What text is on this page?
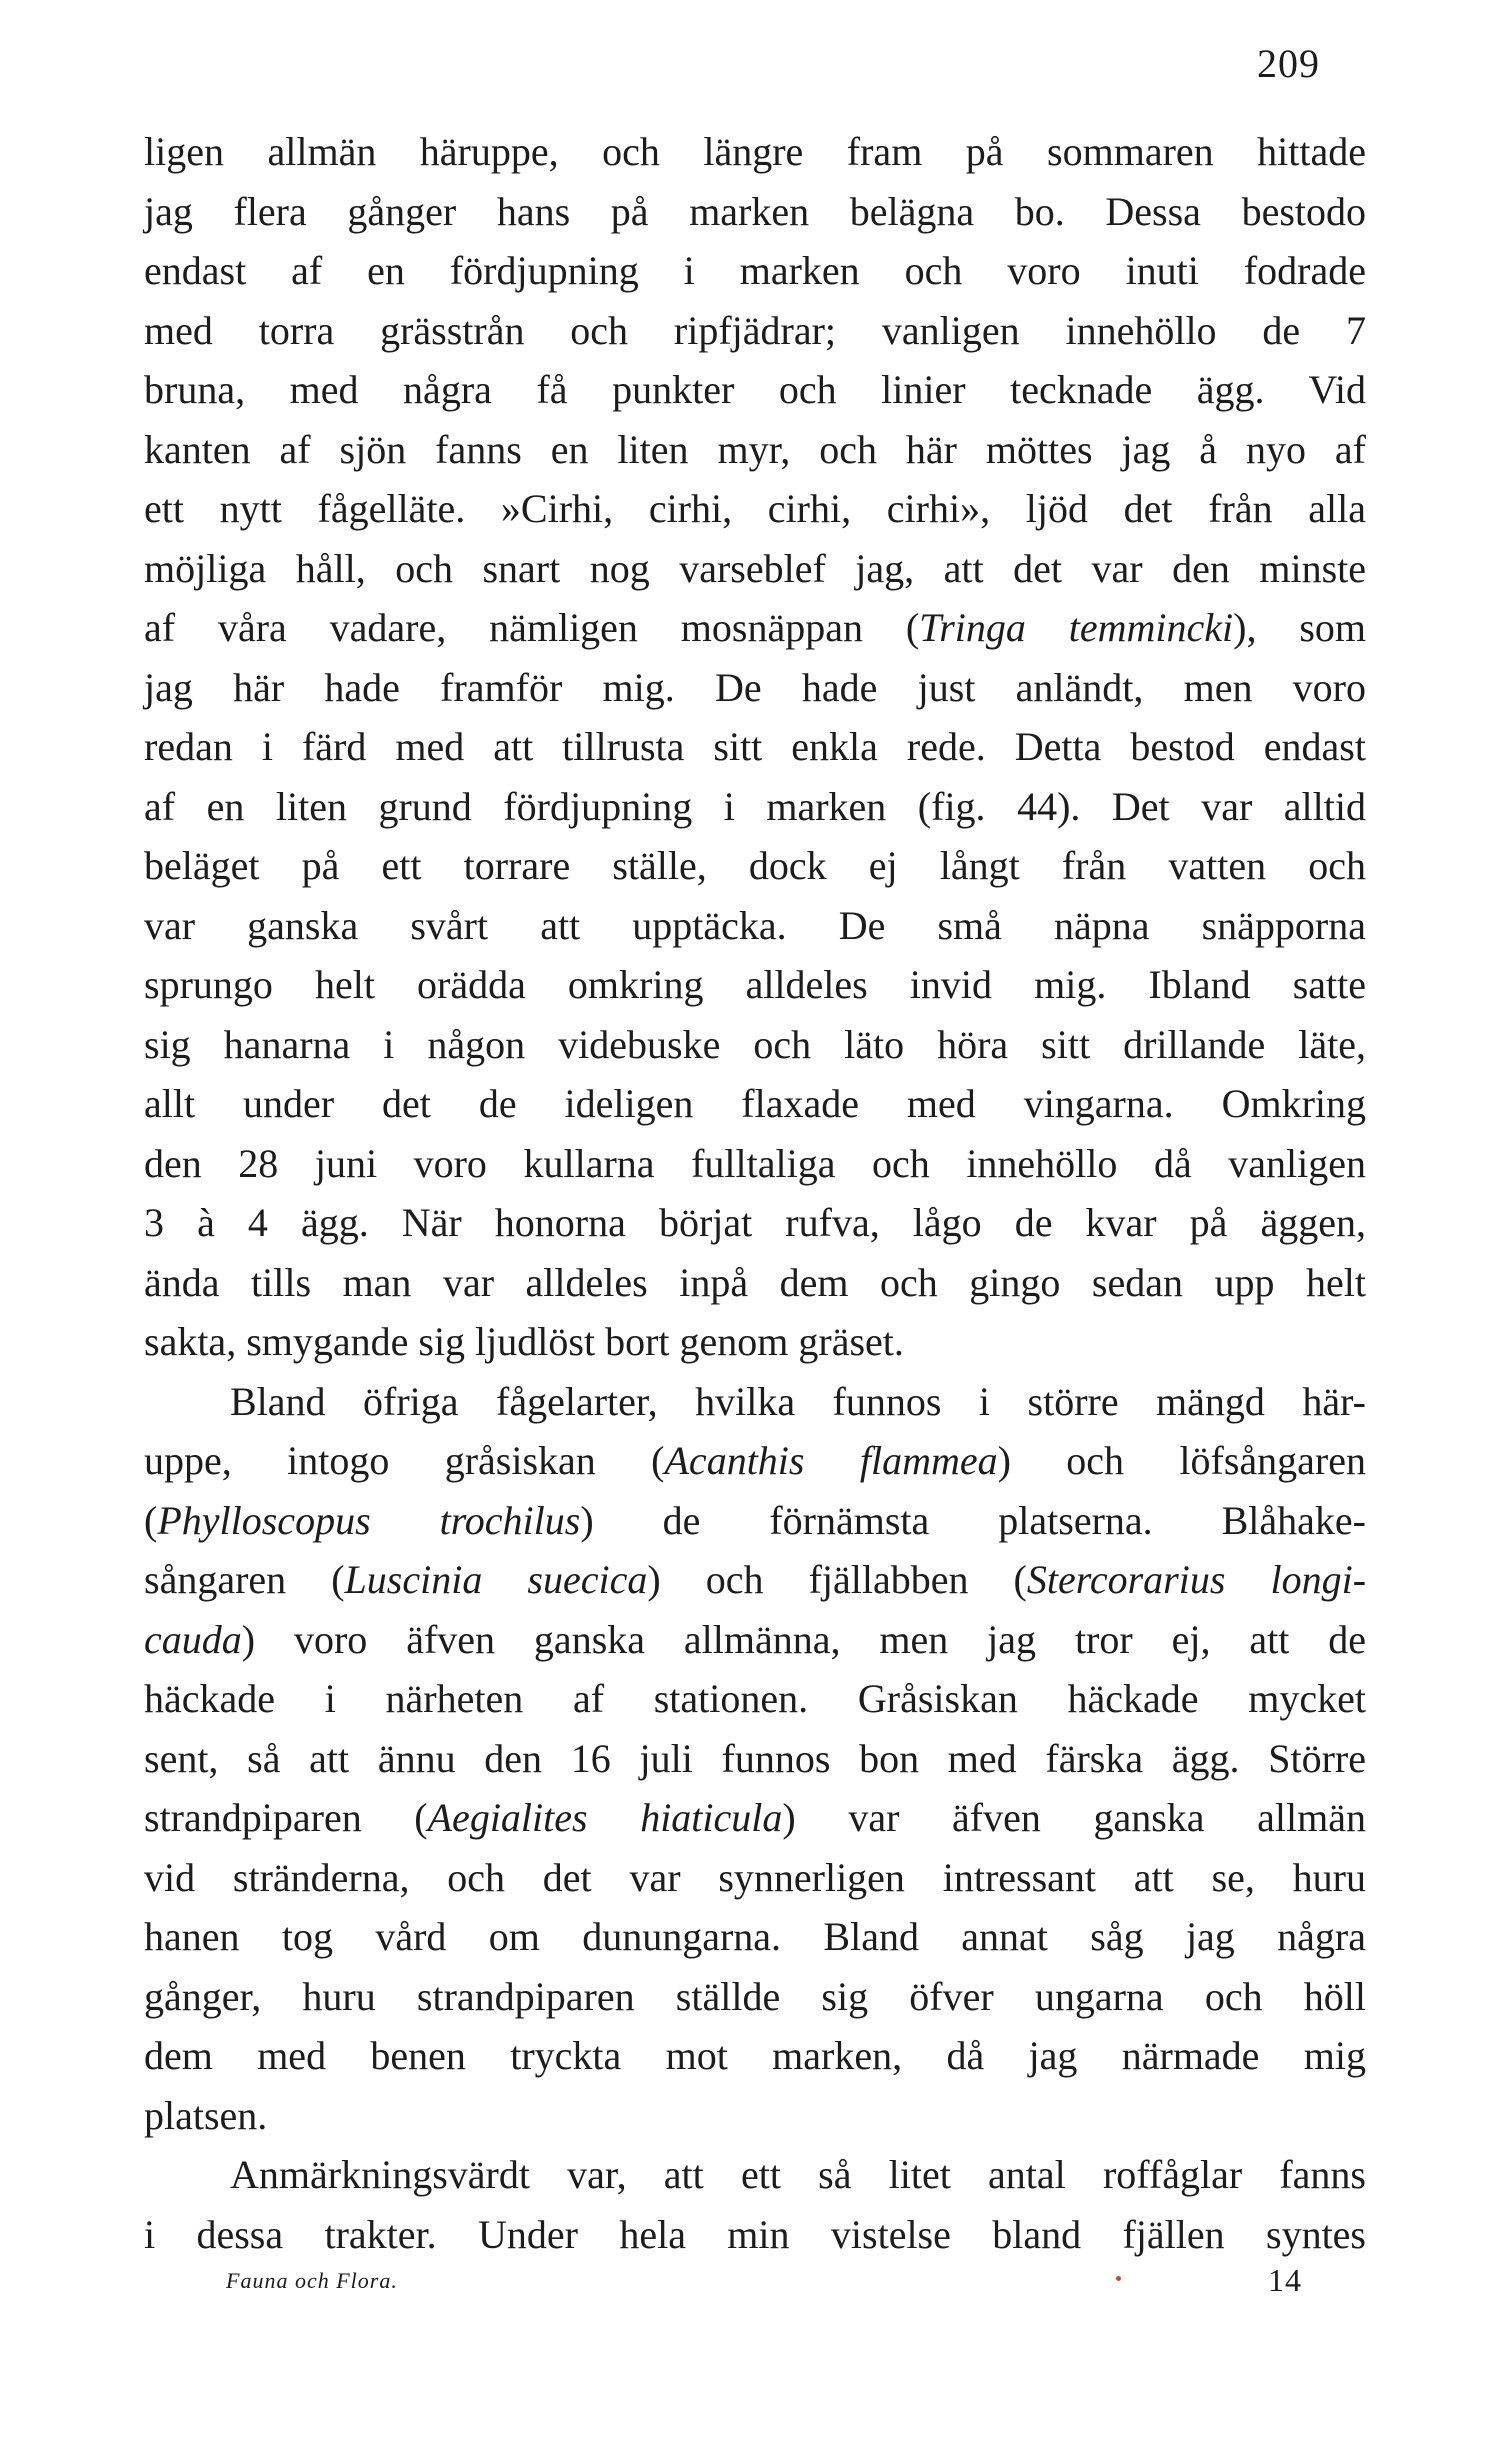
209
ligen allmän häruppe, och längre fram på sommaren hittade
jag flera gånger hans på marken belägna bo. Dessa bestodo
endast af en fördjupning i marken och voro inuti fodrade
med torra grässtrån och ripfjädrar; vanligen innehöllo de 7
bruna, med några få punkter och linier tecknade ägg. Vid
kanten af sjön fanns en liten myr, och här möttes jag å nyo af
ett nytt fågelläte. »Cirhi, cirhi, cirhi, cirhi», ljöd det från alla
möjliga håll, och snart nog varseblef jag, att det var den minste
af våra vadare, nämligen mosnäppan (Tringa temmincki), som
jag här hade framför mig. De hade just anländt, men voro
redan i färd med att tillrusta sitt enkla rede. Detta bestod endast
af en liten grund fördjupning i marken (fig. 44). Det var alltid
beläget på ett torrare ställe, dock ej långt från vatten och
var ganska svårt att upptäcka. De små näpna snäpporna
sprungo helt orädda omkring alldeles invid mig. Ibland satte
sig hanarna i någon videbuske och läto höra sitt drillande läte,
allt under det de ideligen flaxade med vingarna. Omkring
den 28 juni voro kullarna fulltaliga och innehöllo då vanligen
3 à 4 ägg. När honorna börjat rufva, lågo de kvar på äggen,
ända tills man var alldeles inpå dem och gingo sedan upp helt
sakta, smygande sig ljudlöst bort genom gräset.
Bland öfriga fågelarter, hvilka funnos i större mängd här-
uppe, intogo gråsiskan (Acanthis flammea) och löfsångaren
(Phylloscopus trochilus) de förnämsta platserna. Blåhake-
sångaren (Luscinia suecica) och fjällabben (Stercorarius longi-
cauda) voro äfven ganska allmänna, men jag tror ej, att de
häckade i närheten af stationen. Gråsiskan häckade mycket
sent, så att ännu den 16 juli funnos bon med färska ägg. Större
strandpiparen (Aegialites hiaticula) var äfven ganska allmän
vid stränderna, och det var synnerligen intressant att se, huru
hanen tog vård om dunungarna. Bland annat såg jag några
gånger, huru strandpiparen ställde sig öfver ungarna och höll
dem med benen tryckta mot marken, då jag närmade mig
platsen.
Anmärkningsvärdt var, att ett så litet antal roffåglar fanns
i dessa trakter. Under hela min vistelse bland fjällen syntes
Fauna och Flora.	14
